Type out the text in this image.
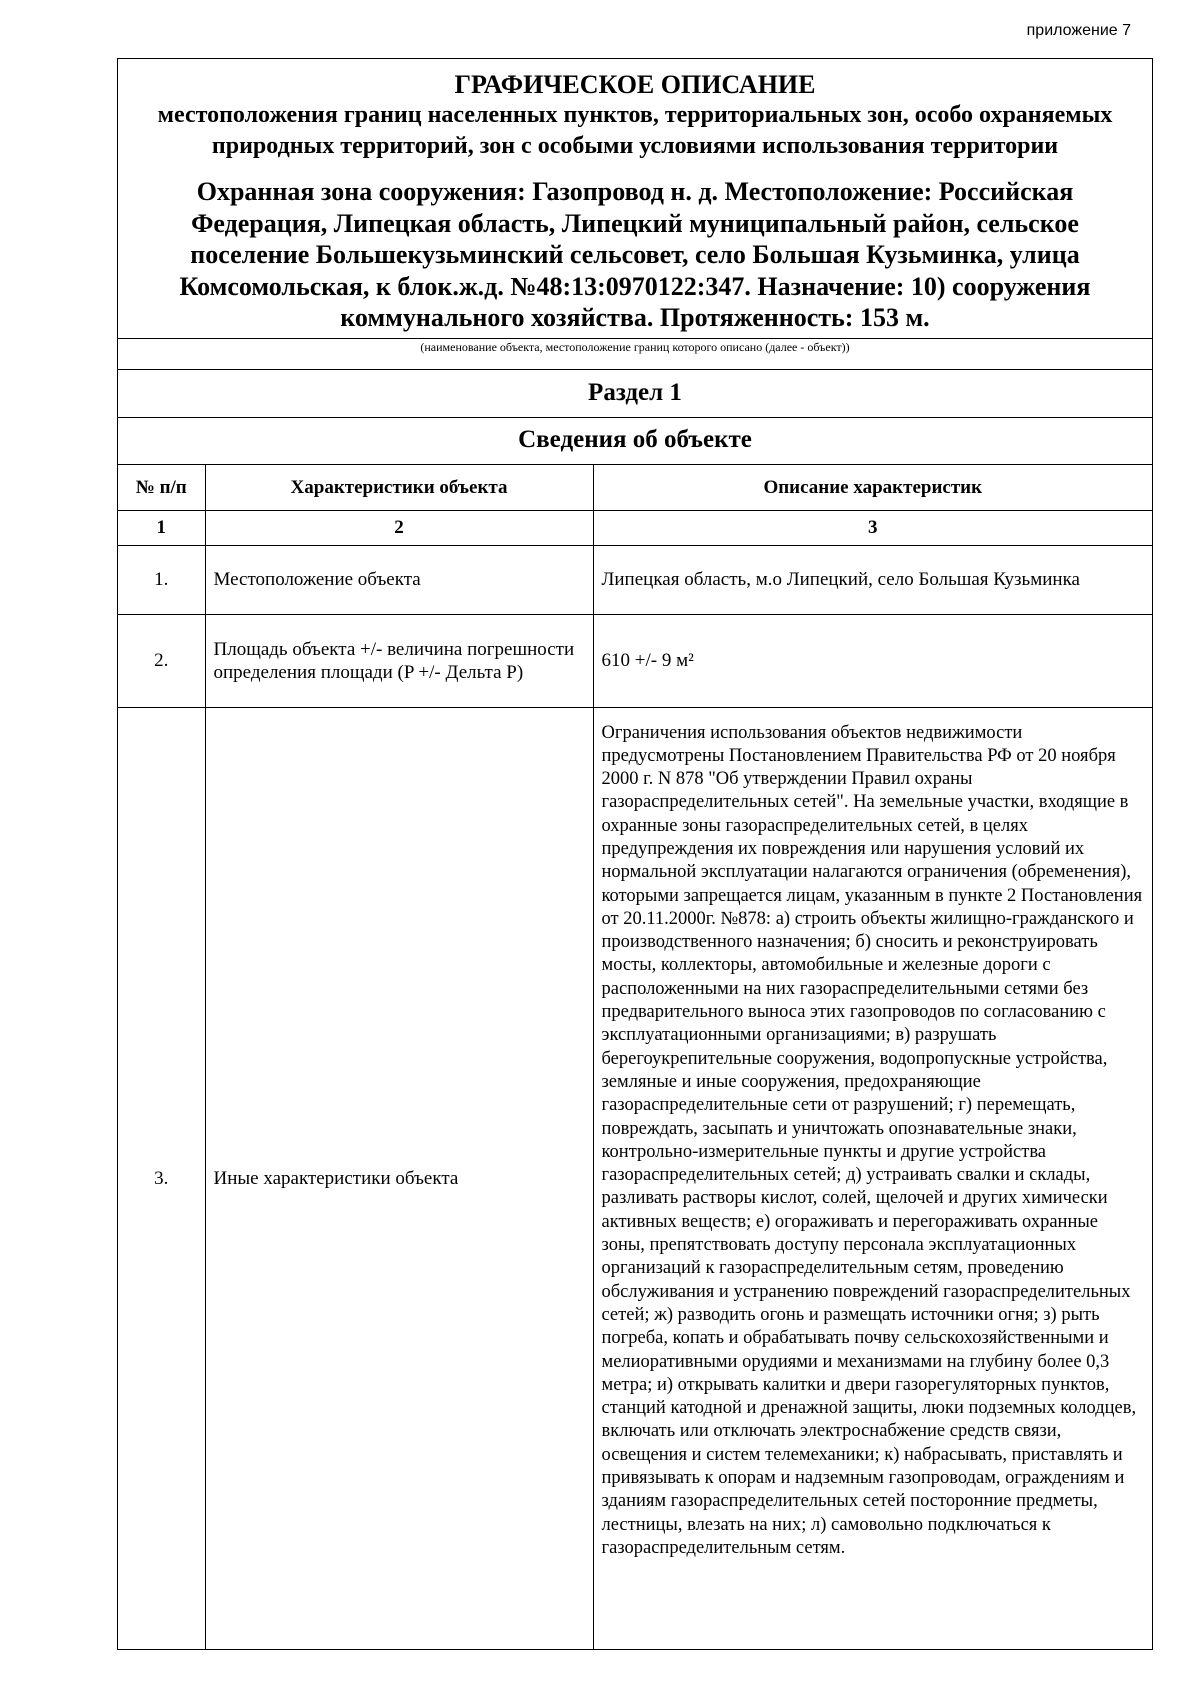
приложение 7
ГРАФИЧЕСКОЕ ОПИСАНИЕ
местоположения границ населенных пунктов, территориальных зон, особо охраняемых природных территорий, зон с особыми условиями использования территории
Охранная зона сооружения: Газопровод н. д. Местоположение: Российская Федерация, Липецкая область, Липецкий муниципальный район, сельское поселение Большекузьминский сельсовет, село Большая Кузьминка, улица Комсомольская, к блок.ж.д. №48:13:0970122:347. Назначение: 10) сооружения коммунального хозяйства. Протяженность: 153 м.
(наименование объекта, местоположение границ которого описано (далее - объект))
Раздел 1
Сведения об объекте
№ п/п	Характеристики объекта	Описание характеристик
1	2	3
1.	Местоположение объекта	Липецкая область, м.о Липецкий, село Большая Кузьминка
2.	Площадь объекта +/- величина погрешности определения площади (P +/- Дельта P)	610 +/- 9 м²
3.	Иные характеристики объекта	Ограничения использования объектов недвижимости предусмотрены Постановлением Правительства РФ от 20 ноября 2000 г. N 878 "Об утверждении Правил охраны газораспределительных сетей". На земельные участки, входящие в охранные зоны газораспределительных сетей, в целях предупреждения их повреждения или нарушения условий их нормальной эксплуатации налагаются ограничения (обременения), которыми запрещается лицам, указанным в пункте 2 Постановления от 20.11.2000г. №878: а) строить объекты жилищно-гражданского и производственного назначения; б) сносить и реконструировать мосты, коллекторы, автомобильные и железные дороги с расположенными на них газораспределительными сетями без предварительного выноса этих газопроводов по согласованию с эксплуатационными организациями; в) разрушать берегоукрепительные сооружения, водопропускные устройства, земляные и иные сооружения, предохраняющие газораспределительные сети от разрушений; г) перемещать, повреждать, засыпать и уничтожать опознавательные знаки, контрольно-измерительные пункты и другие устройства газораспределительных сетей; д) устраивать свалки и склады, разливать растворы кислот, солей, щелочей и других химически активных веществ; е) огораживать и перегораживать охранные зоны, препятствовать доступу персонала эксплуатационных организаций к газораспределительным сетям, проведению обслуживания и устранению повреждений газораспределительных сетей; ж) разводить огонь и размещать источники огня; з) рыть погреба, копать и обрабатывать почву сельскохозяйственными и мелиоративными орудиями и механизмами на глубину более 0,3 метра; и) открывать калитки и двери газорегуляторных пунктов, станций катодной и дренажной защиты, люки подземных колодцев, включать или отключать электроснабжение средств связи, освещения и систем телемеханики; к) набрасывать, приставлять и привязывать к опорам и надземным газопроводам, ограждениям и зданиям газораспределительных сетей посторонние предметы, лестницы, влезать на них; л) самовольно подключаться к газораспределительным сетям.
